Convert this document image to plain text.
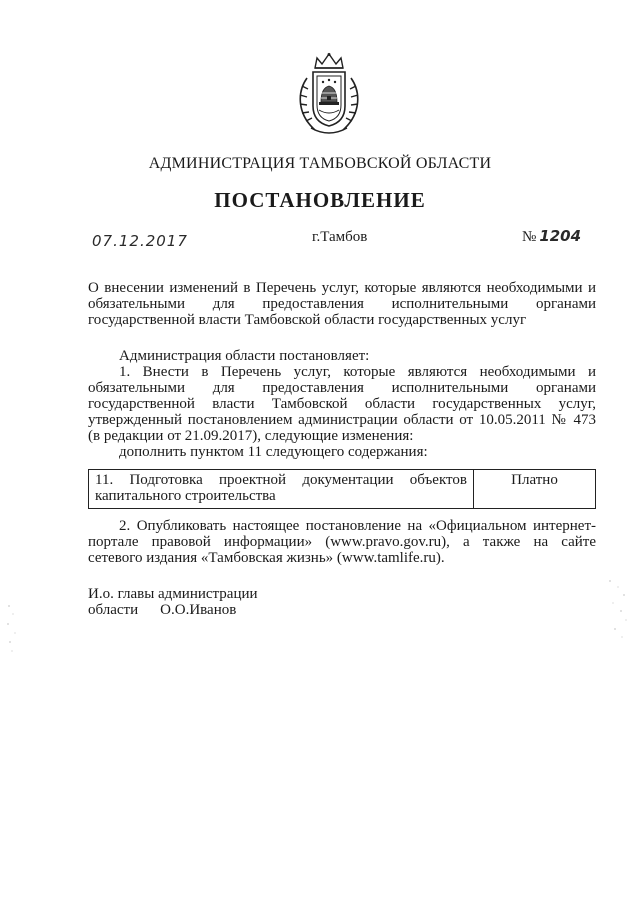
АДМИНИСТРАЦИЯ ТАМБОВСКОЙ ОБЛАСТИ
ПОСТАНОВЛЕНИЕ
07.12.2017	г.Тамбов	№ 1204
О внесении изменений в Перечень услуг, которые являются необходимыми и
обязательными для предоставления исполнительными органами
государственной власти Тамбовской области государственных услуг
Администрация области постановляет:
1. Внести в Перечень услуг, которые являются необходимыми и
обязательными для предоставления исполнительными органами
государственной власти Тамбовской области государственных услуг,
утвержденный постановлением администрации области от 10.05.2011 № 473
(в редакции от 21.09.2017), следующие изменения:
дополнить пунктом 11 следующего содержания:
11. Подготовка проектной документации объектов
капитального строительства
	Платно
2. Опубликовать настоящее постановление на «Официальном интернет-
портале правовой информации» (www.pravo.gov.ru), а также на сайте
сетевого издания «Тамбовская жизнь» (www.tamlife.ru).
И.о. главы администрации
области О.О.Иванов
